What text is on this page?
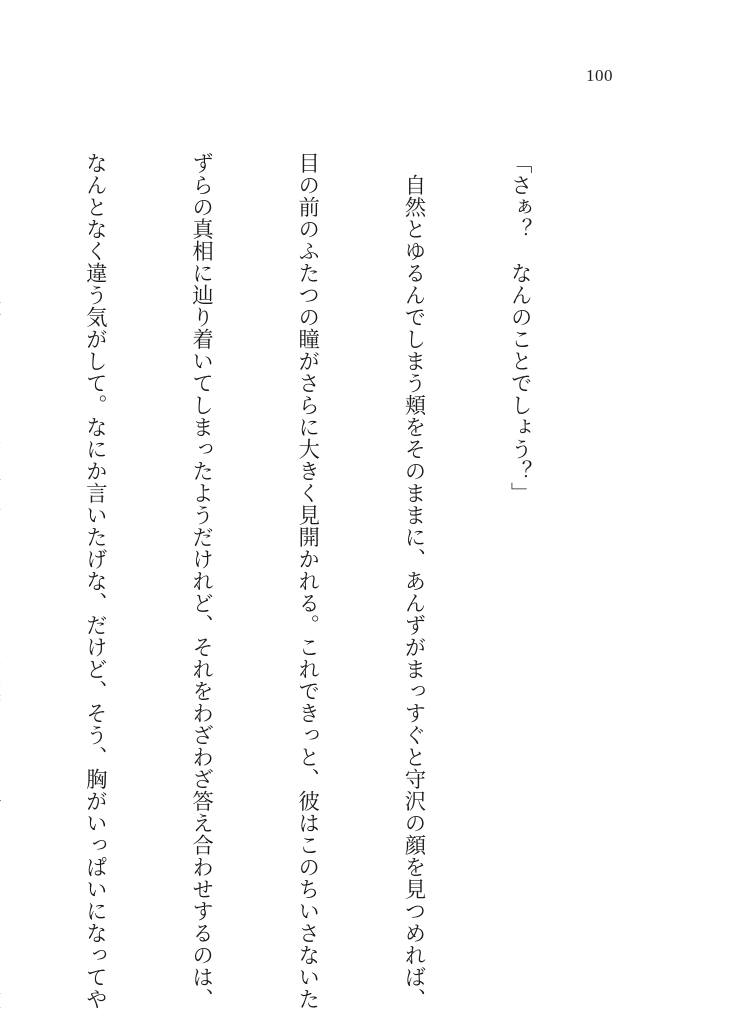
100

「さぁ？　なんのことでしょう？」

　自然とゆるんでしまう頬をそのままに、あんずがまっすぐと守沢の顔を見つめれば、

目の前のふたつの瞳がさらに大きく見開かれる。これできっと、彼はこのちいさないた

ずらの真相に辿り着いてしまったようだけれど、それをわざわざ答え合わせするのは、

なんとなく違う気がして。なにか言いたげな、だけど、そう、胸がいっぱいになってや
